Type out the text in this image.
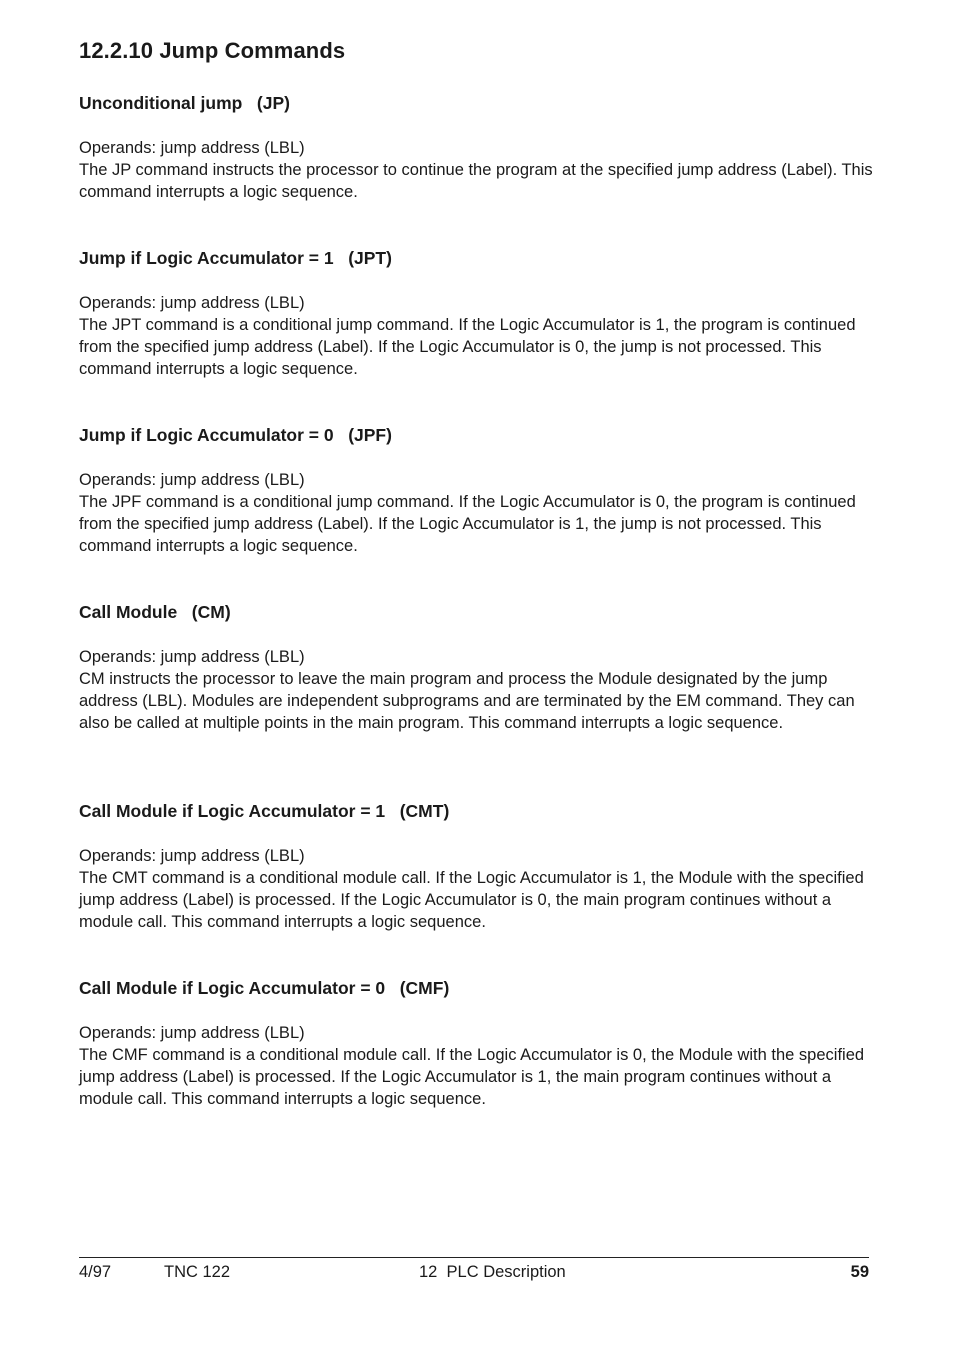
12.2.10 Jump Commands
Unconditional jump   (JP)

Operands: jump address (LBL)

The JP command instructs the processor to continue the program at the specified jump address (Label). This command interrupts a logic sequence.

Jump if Logic Accumulator = 1   (JPT)

Operands: jump address (LBL)

The JPT command is a conditional jump command. If the Logic Accumulator is 1, the program is continued from the specified jump address (Label). If the Logic Accumulator is 0, the jump is not processed. This command interrupts a logic sequence.

Jump if Logic Accumulator = 0   (JPF)

Operands: jump address (LBL)

The JPF command is a conditional jump command. If the Logic Accumulator is 0, the program is continued from the specified jump address (Label). If the Logic Accumulator is 1, the jump is not processed. This command interrupts a logic sequence.

Call Module   (CM)

Operands: jump address (LBL)

CM instructs the processor to leave the main program and process the Module designated by the jump address (LBL). Modules are independent subprograms and are terminated by the EM command. They can also be called at multiple points in the main program. This command interrupts a logic sequence.

Call Module if Logic Accumulator = 1   (CMT)

Operands: jump address (LBL)

The CMT command is a conditional module call. If the Logic Accumulator is 1, the Module with the specified jump address (Label) is processed. If the Logic Accumulator is 0, the main program continues without a module call. This command interrupts a logic sequence.

Call Module if Logic Accumulator = 0   (CMF)

Operands: jump address (LBL)

The CMF command is a conditional module call. If the Logic Accumulator is 0, the Module with the specified jump address (Label) is processed. If the Logic Accumulator is 1, the main program continues without a module call. This command interrupts a logic sequence.

4/97	TNC 122	12  PLC Description	59
